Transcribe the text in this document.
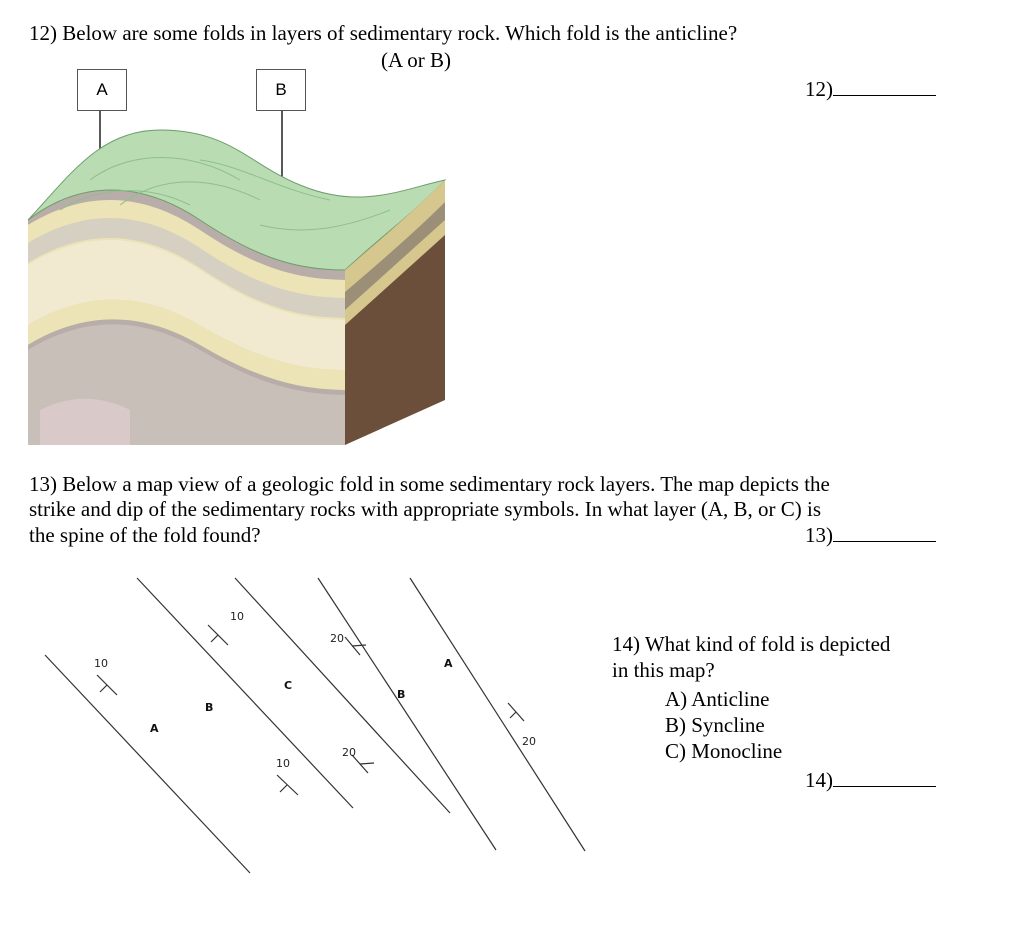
12) Below are some folds in layers of sedimentary rock. Which fold is the anticline?
(A or B)
12)
A	B
13) Below a map view of a geologic fold in some sedimentary rock layers. The map depicts the
strike and dip of the sedimentary rocks with appropriate symbols. In what layer (A, B, or C) is
the spine of the fold found?	13)
10
10
20
10
20
20
A
B
C
B
A
14) What kind of fold is depicted
in this map?
A) Anticline
B) Syncline
C) Monocline
14)
